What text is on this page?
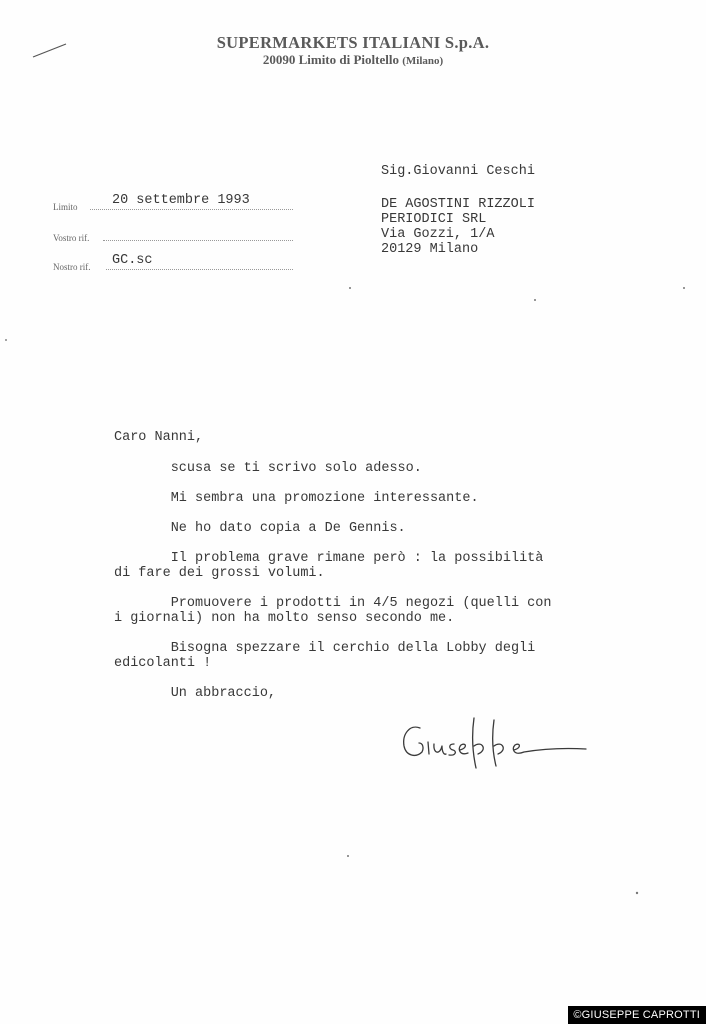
SUPERMARKETS ITALIANI S.p.A.
20090 Limito di Pioltello (Milano)
Sig.Giovanni Ceschi
DE AGOSTINI RIZZOLI
PERIODICI SRL
Via Gozzi, 1/A
20129 Milano
Limito	20 settembre 1993
Vostro rif.
Nostro rif. GC.sc

Caro Nanni,

scusa se ti scrivo solo adesso.

Mi sembra una promozione interessante.

Ne ho dato copia a De Gennis.

Il problema grave rimane però : la possibilità
di fare dei grossi volumi.

Promuovere i prodotti in 4/5 negozi (quelli con
i giornali) non ha molto senso secondo me.

Bisogna spezzare il cerchio della Lobby degli
edicolanti !

Un abbraccio,

©GIUSEPPE CAPROTTI
